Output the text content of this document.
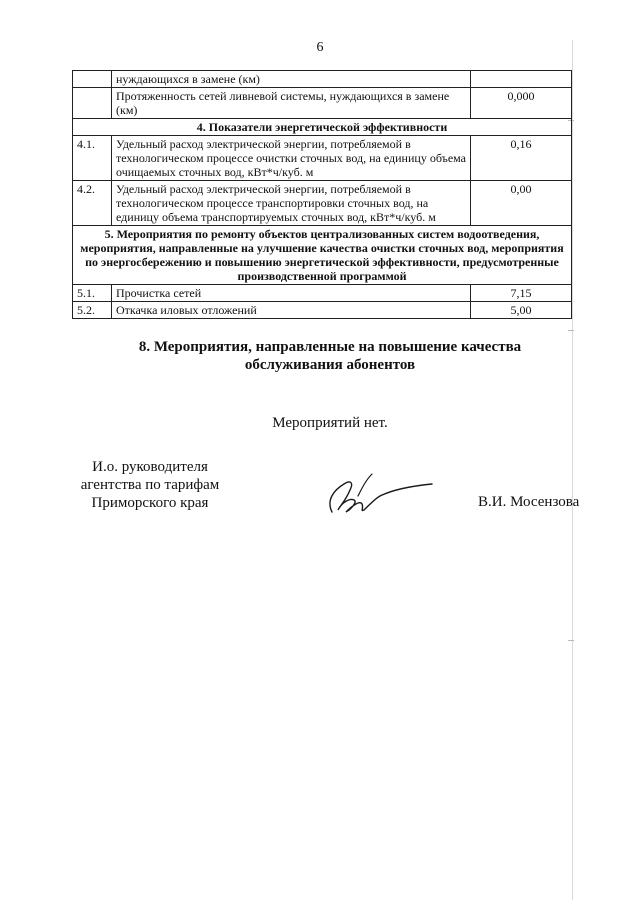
6
	нуждающихся в замене (км)	
	Протяженность сетей ливневой системы, нуждающихся в замене (км)	0,000
4. Показатели энергетической эффективности		
4.1.	Удельный расход электрической энергии, потребляемой в технологическом процессе очистки сточных вод, на единицу объема очищаемых сточных вод, кВт*ч/куб. м	0,16
4.2.	Удельный расход электрической энергии, потребляемой в технологическом процессе транспортировки сточных вод, на единицу объема транспортируемых сточных вод, кВт*ч/куб. м	0,00
5. Мероприятия по ремонту объектов централизованных систем водоотведения, мероприятия, направленные на улучшение качества очистки сточных вод, мероприятия по энергосбережению и повышению энергетической эффективности, предусмотренные производственной программой		
5.1.	Прочистка сетей	7,15
5.2.	Откачка иловых отложений	5,00
8. Мероприятия, направленные на повышение качества
обслуживания абонентов
Мероприятий нет.
И.о. руководителя
агентства по тарифам
Приморского края	В.И. Мосензова
